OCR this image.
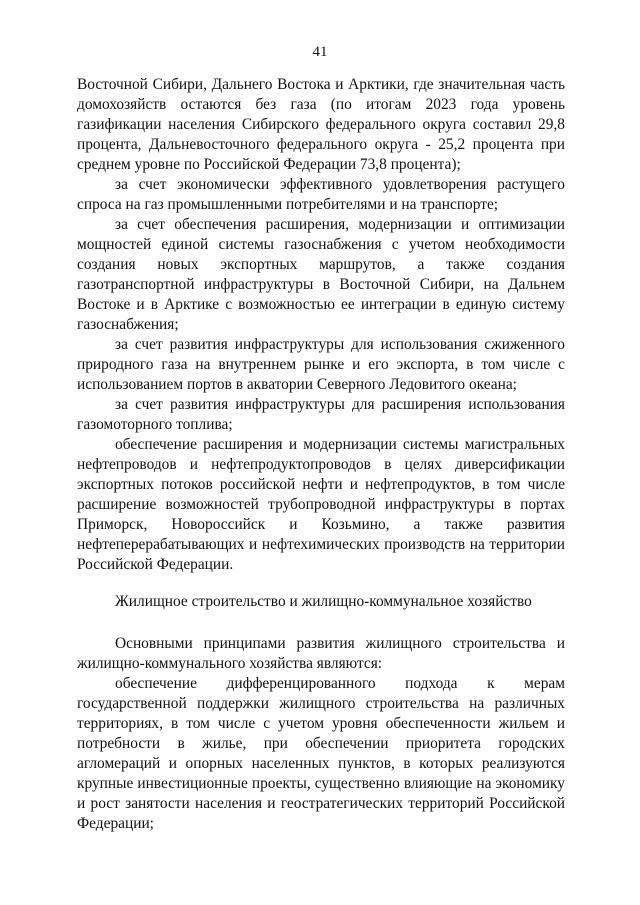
41

Восточной Сибири, Дальнего Востока и Арктики, где значительная часть домохозяйств остаются без газа (по итогам 2023 года уровень газификации населения Сибирского федерального округа составил 29,8 процента, Дальневосточного федерального округа - 25,2 процента при среднем уровне по Российской Федерации 73,8 процента);

за счет экономически эффективного удовлетворения растущего спроса на газ промышленными потребителями и на транспорте;

за счет обеспечения расширения, модернизации и оптимизации мощностей единой системы газоснабжения с учетом необходимости создания новых экспортных маршрутов, а также создания газотранспортной инфраструктуры в Восточной Сибири, на Дальнем Востоке и в Арктике с возможностью ее интеграции в единую систему газоснабжения;

за счет развития инфраструктуры для использования сжиженного природного газа на внутреннем рынке и его экспорта, в том числе с использованием портов в акватории Северного Ледовитого океана;

за счет развития инфраструктуры для расширения использования газомоторного топлива;

обеспечение расширения и модернизации системы магистральных нефтепроводов и нефтепродуктопроводов в целях диверсификации экспортных потоков российской нефти и нефтепродуктов, в том числе расширение возможностей трубопроводной инфраструктуры в портах Приморск, Новороссийск и Козьмино, а также развития нефтеперерабатывающих и нефтехимических производств на территории Российской Федерации.

Жилищное строительство и жилищно-коммунальное хозяйство

Основными принципами развития жилищного строительства и жилищно-коммунального хозяйства являются:

обеспечение дифференцированного подхода к мерам государственной поддержки жилищного строительства на различных территориях, в том числе с учетом уровня обеспеченности жильем и потребности в жилье, при обеспечении приоритета городских агломераций и опорных населенных пунктов, в которых реализуются крупные инвестиционные проекты, существенно влияющие на экономику и рост занятости населения и геостратегических территорий Российской Федерации;
